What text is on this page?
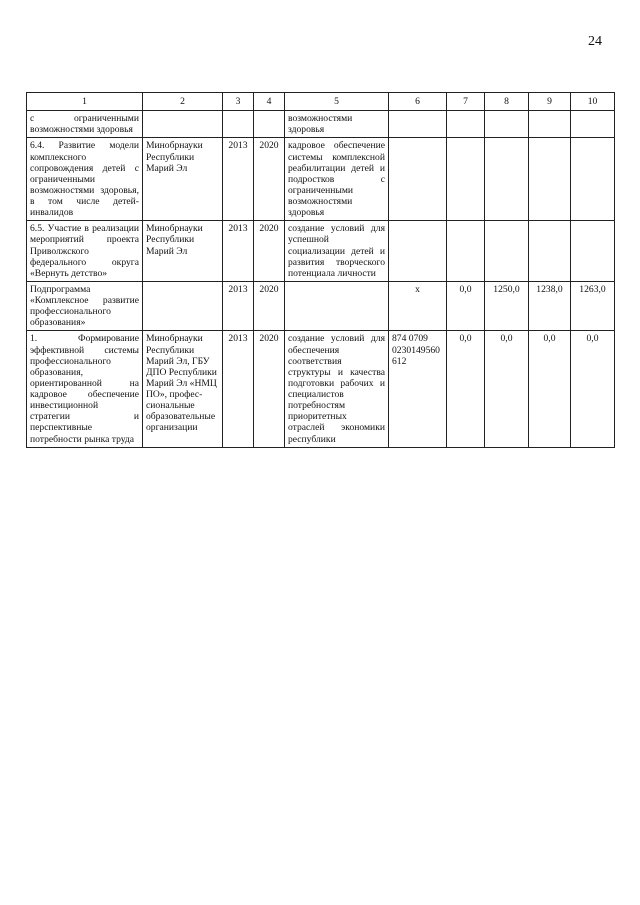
24
1	2	3	4	5	6	7	8	9	10
с ограниченными возможностями здоровья				возможностями здоровья					
6.4. Развитие модели комплексного сопровождения детей с ограниченными возможностями здоровья, в том числе детей-инвалидов	Минобрнауки Республики Марий Эл	2013	2020	кадровое обеспечение системы комплексной реабилитации детей и подростков с ограниченными возможностями здоровья					
6.5. Участие в реализации мероприятий проекта Приволжского федерального округа «Вернуть детство»	Минобрнауки Республики Марий Эл	2013	2020	создание условий для успешной социализации детей и развития творческого потенциала личности					
Подпрограмма «Комплексное развитие профессионального образования»		2013	2020		х	0,0	1250,0	1238,0	1263,0
1. Формирование эффективной системы профессионального образования, ориентированной на кадровое обеспечение инвестиционной стратегии и перспективные потребности рынка труда	Минобрнауки Республики Марий Эл, ГБУ ДПО Республики Марий Эл «НМЦ ПО», профес-сиональные образовательные организации	2013	2020	создание условий для обеспечения соответствия структуры и качества подготовки рабочих и специалистов потребностям приоритетных отраслей экономики республики	874 0709 0230149560 612	0,0	0,0	0,0	0,0
